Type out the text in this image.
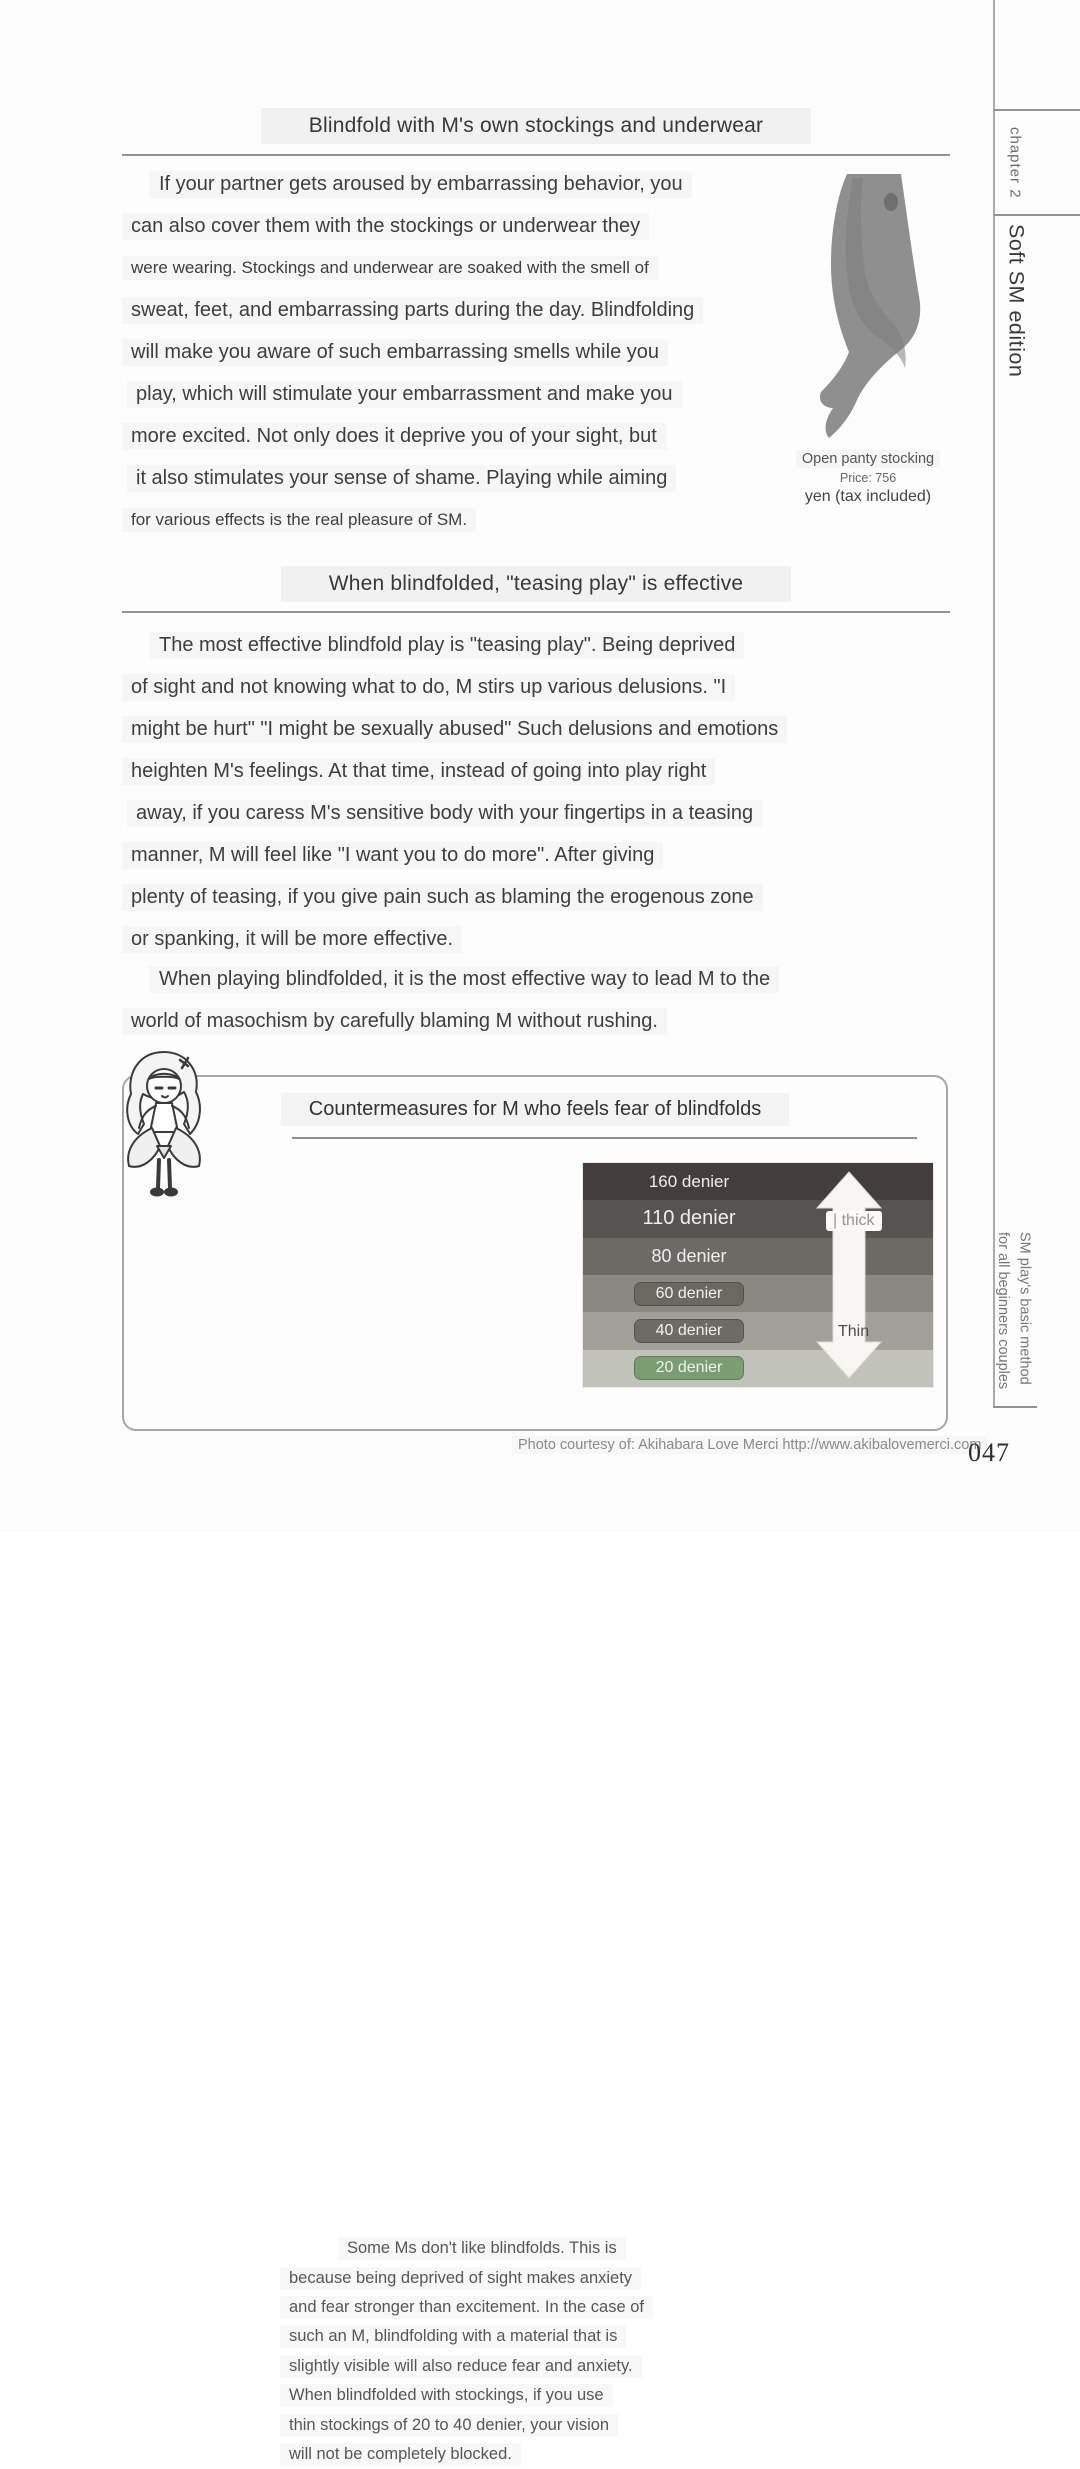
Blindfold with M's own stockings and underwear
If your partner gets aroused by embarrassing behavior, you
can also cover them with the stockings or underwear they
were wearing. Stockings and underwear are soaked with the smell of
sweat, feet, and embarrassing parts during the day. Blindfolding
will make you aware of such embarrassing smells while you
play, which will stimulate your embarrassment and make you
more excited. Not only does it deprive you of your sight, but
it also stimulates your sense of shame. Playing while aiming
for various effects is the real pleasure of SM.
Open panty stocking
Price: 756
yen (tax included)
When blindfolded, "teasing play" is effective
The most effective blindfold play is "teasing play". Being deprived
of sight and not knowing what to do, M stirs up various delusions. "I
might be hurt" "I might be sexually abused" Such delusions and emotions
heighten M's feelings. At that time, instead of going into play right
away, if you caress M's sensitive body with your fingertips in a teasing
manner, M will feel like "I want you to do more". After giving
plenty of teasing, if you give pain such as blaming the erogenous zone
or spanking, it will be more effective.
When playing blindfolded, it is the most effective way to lead M to the
world of masochism by carefully blaming M without rushing.
Countermeasures for M who feels fear of blindfolds
Some Ms don't like blindfolds. This is
because being deprived of sight makes anxiety
and fear stronger than excitement. In the case of
such an M, blindfolding with a material that is
slightly visible will also reduce fear and anxiety.
When blindfolded with stockings, if you use
thin stockings of 20 to 40 denier, your vision
will not be completely blocked.
160 denier
110 denier
80 denier
60 denier
40 denier
20 denier
| thick
Thin
chapter 2
Soft SM edition
SM play's basic method
for all beginners couples
Photo courtesy of: Akihabara Love Merci http://www.akibalovemerci.com
047
